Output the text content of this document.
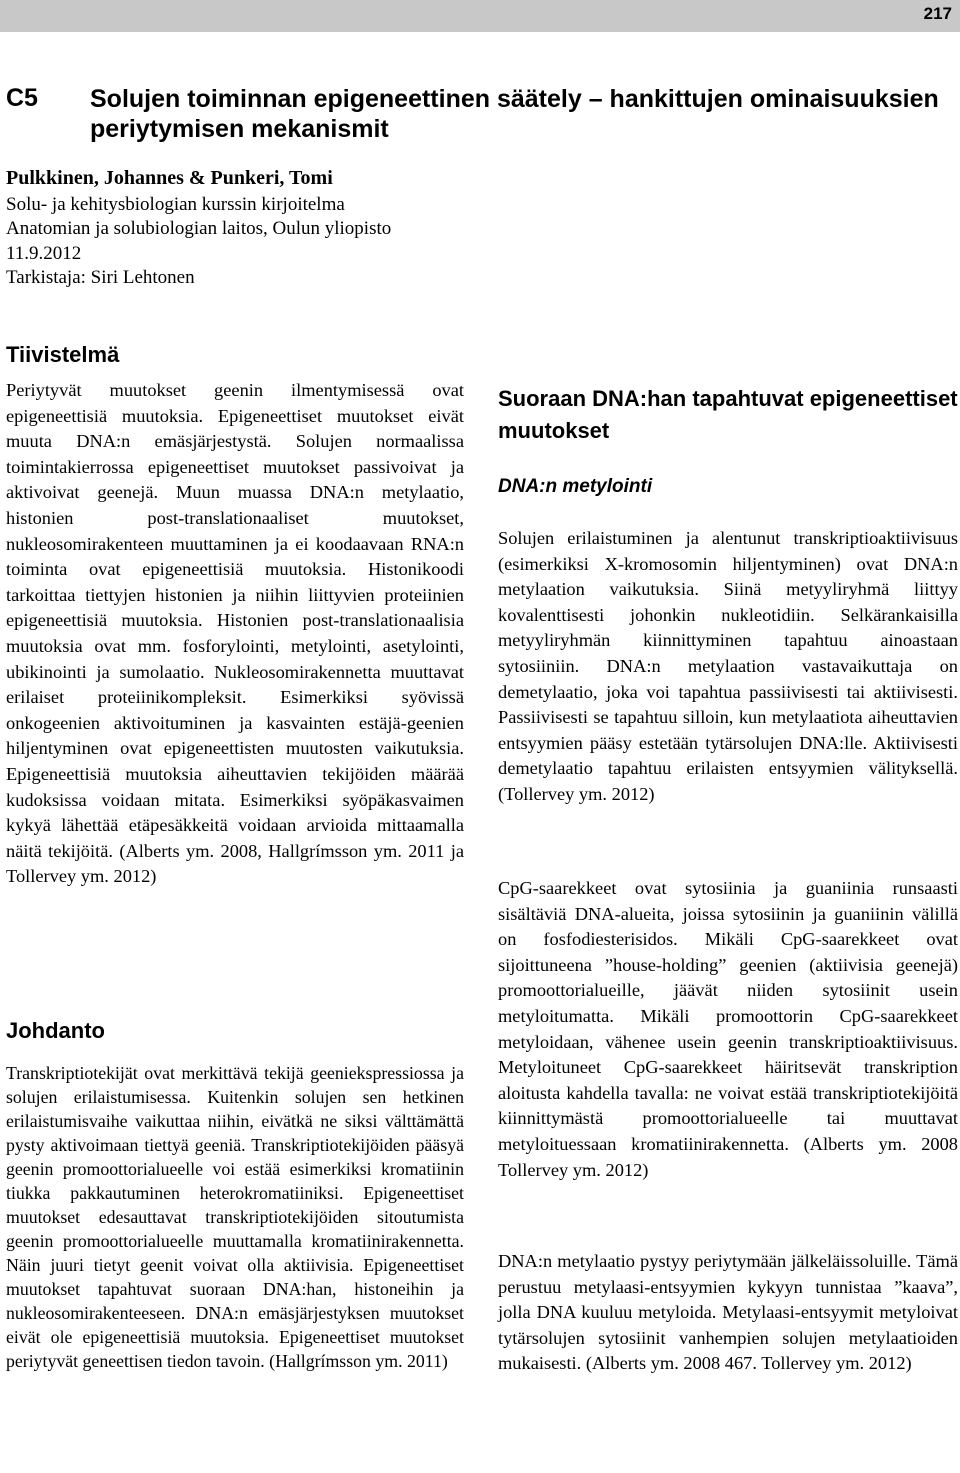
217
C5 Solujen toiminnan epigeneettinen säätely – hankittujen ominaisuuksien periytymisen mekanismit
Pulkkinen, Johannes & Punkeri, Tomi
Solu- ja kehitysbiologian kurssin kirjoitelma
Anatomian ja solubiologian laitos, Oulun yliopisto
11.9.2012
Tarkistaja: Siri Lehtonen
Tiivistelmä

Periytyvät muutokset geenin ilmentymisessä ovat epigeneettisiä muutoksia. Epigeneettiset muutokset eivät muuta DNA:n emäsjärjestystä. Solujen normaalissa toimintakierrossa epigeneettiset muutokset passivoivat ja aktivoivat geenejä. Muun muassa DNA:n metylaatio, histonien post-translationaaliset muutokset, nukleosomirakenteen muuttaminen ja ei koodaavaan RNA:n toiminta ovat epigeneettisiä muutoksia. Histonikoodi tarkoittaa tiettyjen histonien ja niihin liittyvien proteiinien epigeneettisiä muutoksia. Histonien post-translationaalisia muutoksia ovat mm. fosforylointi, metylointi, asetylointi, ubikinointi ja sumolaatio. Nukleosomirakennetta muuttavat erilaiset proteiinikompleksit. Esimerkiksi syövissä onkogeenien aktivoituminen ja kasvainten estäjä-geenien hiljentyminen ovat epigeneettisten muutosten vaikutuksia. Epigeneettisiä muutoksia aiheuttavien tekijöiden määrää kudoksissa voidaan mitata. Esimerkiksi syöpäkasvaimen kykyä lähettää etäpesäkkeitä voidaan arvioida mittaamalla näitä tekijöitä. (Alberts ym. 2008, Hallgrímsson ym. 2011 ja Tollervey ym. 2012)

Johdanto

Transkriptiotekijät ovat merkittävä tekijä geeniekspressiossa ja solujen erilaistumisessa. Kuitenkin solujen sen hetkinen erilaistumisvaihe vaikuttaa niihin, eivätkä ne siksi välttämättä pysty aktivoimaan tiettyä geeniä. Transkriptiotekijöiden pääsyä geenin promoottorialueelle voi estää esimerkiksi kromatiinin tiukka pakkautuminen heterokromatiiniksi. Epigeneettiset muutokset edesauttavat transkriptiotekijöiden sitoutumista geenin promoottorialueelle muuttamalla kromatiinirakennetta. Näin juuri tietyt geenit voivat olla aktiivisia. Epigeneettiset muutokset tapahtuvat suoraan DNA:han, histoneihin ja nukleosomirakenteeseen. DNA:n emäsjärjestyksen muutokset eivät ole epigeneettisiä muutoksia. Epigeneettiset muutokset periytyvät geneettisen tiedon tavoin. (Hallgrímsson ym. 2011)

Suoraan DNA:han tapahtuvat epigeneettiset muutokset
DNA:n metylointi

Solujen erilaistuminen ja alentunut transkriptioaktiivisuus (esimerkiksi X-kromosomin hiljentyminen) ovat DNA:n metylaation vaikutuksia. Siinä metyyliryhmä liittyy kovalenttisesti johonkin nukleotidiin. Selkärankaisilla metyyliryhmän kiinnittyminen tapahtuu ainoastaan sytosiiniin. DNA:n metylaation vastavaikuttaja on demetylaatio, joka voi tapahtua passiivisesti tai aktiivisesti. Passiivisesti se tapahtuu silloin, kun metylaatiota aiheuttavien entsyymien pääsy estetään tytärsolujen DNA:lle. Aktiivisesti demetylaatio tapahtuu erilaisten entsyymien välityksellä. (Tollervey ym. 2012)

CpG-saarekkeet ovat sytosiinia ja guaniinia runsaasti sisältäviä DNA-alueita, joissa sytosiinin ja guaniinin välillä on fosfodiesterisidos. Mikäli CpG-saarekkeet ovat sijoittuneena ”house-holding” geenien (aktiivisia geenejä) promoottorialueille, jäävät niiden sytosiinit usein metyloitumatta. Mikäli promoottorin CpG-saarekkeet metyloidaan, vähenee usein geenin transkriptioaktiivisuus. Metyloituneet CpG-saarekkeet häiritsevät transkription aloitusta kahdella tavalla: ne voivat estää transkriptiotekijöitä kiinnittymästä promoottorialueelle tai muuttavat metyloituessaan kromatiinirakennetta. (Alberts ym. 2008 Tollervey ym. 2012)

DNA:n metylaatio pystyy periytymään jälkeläissoluille. Tämä perustuu metylaasi-entsyymien kykyyn tunnistaa ”kaava”, jolla DNA kuuluu metyloida. Metylaasi-entsyymit metyloivat tytärsolujen sytosiinit vanhempien solujen metylaatioiden mukaisesti. (Alberts ym. 2008 467. Tollervey ym. 2012)
